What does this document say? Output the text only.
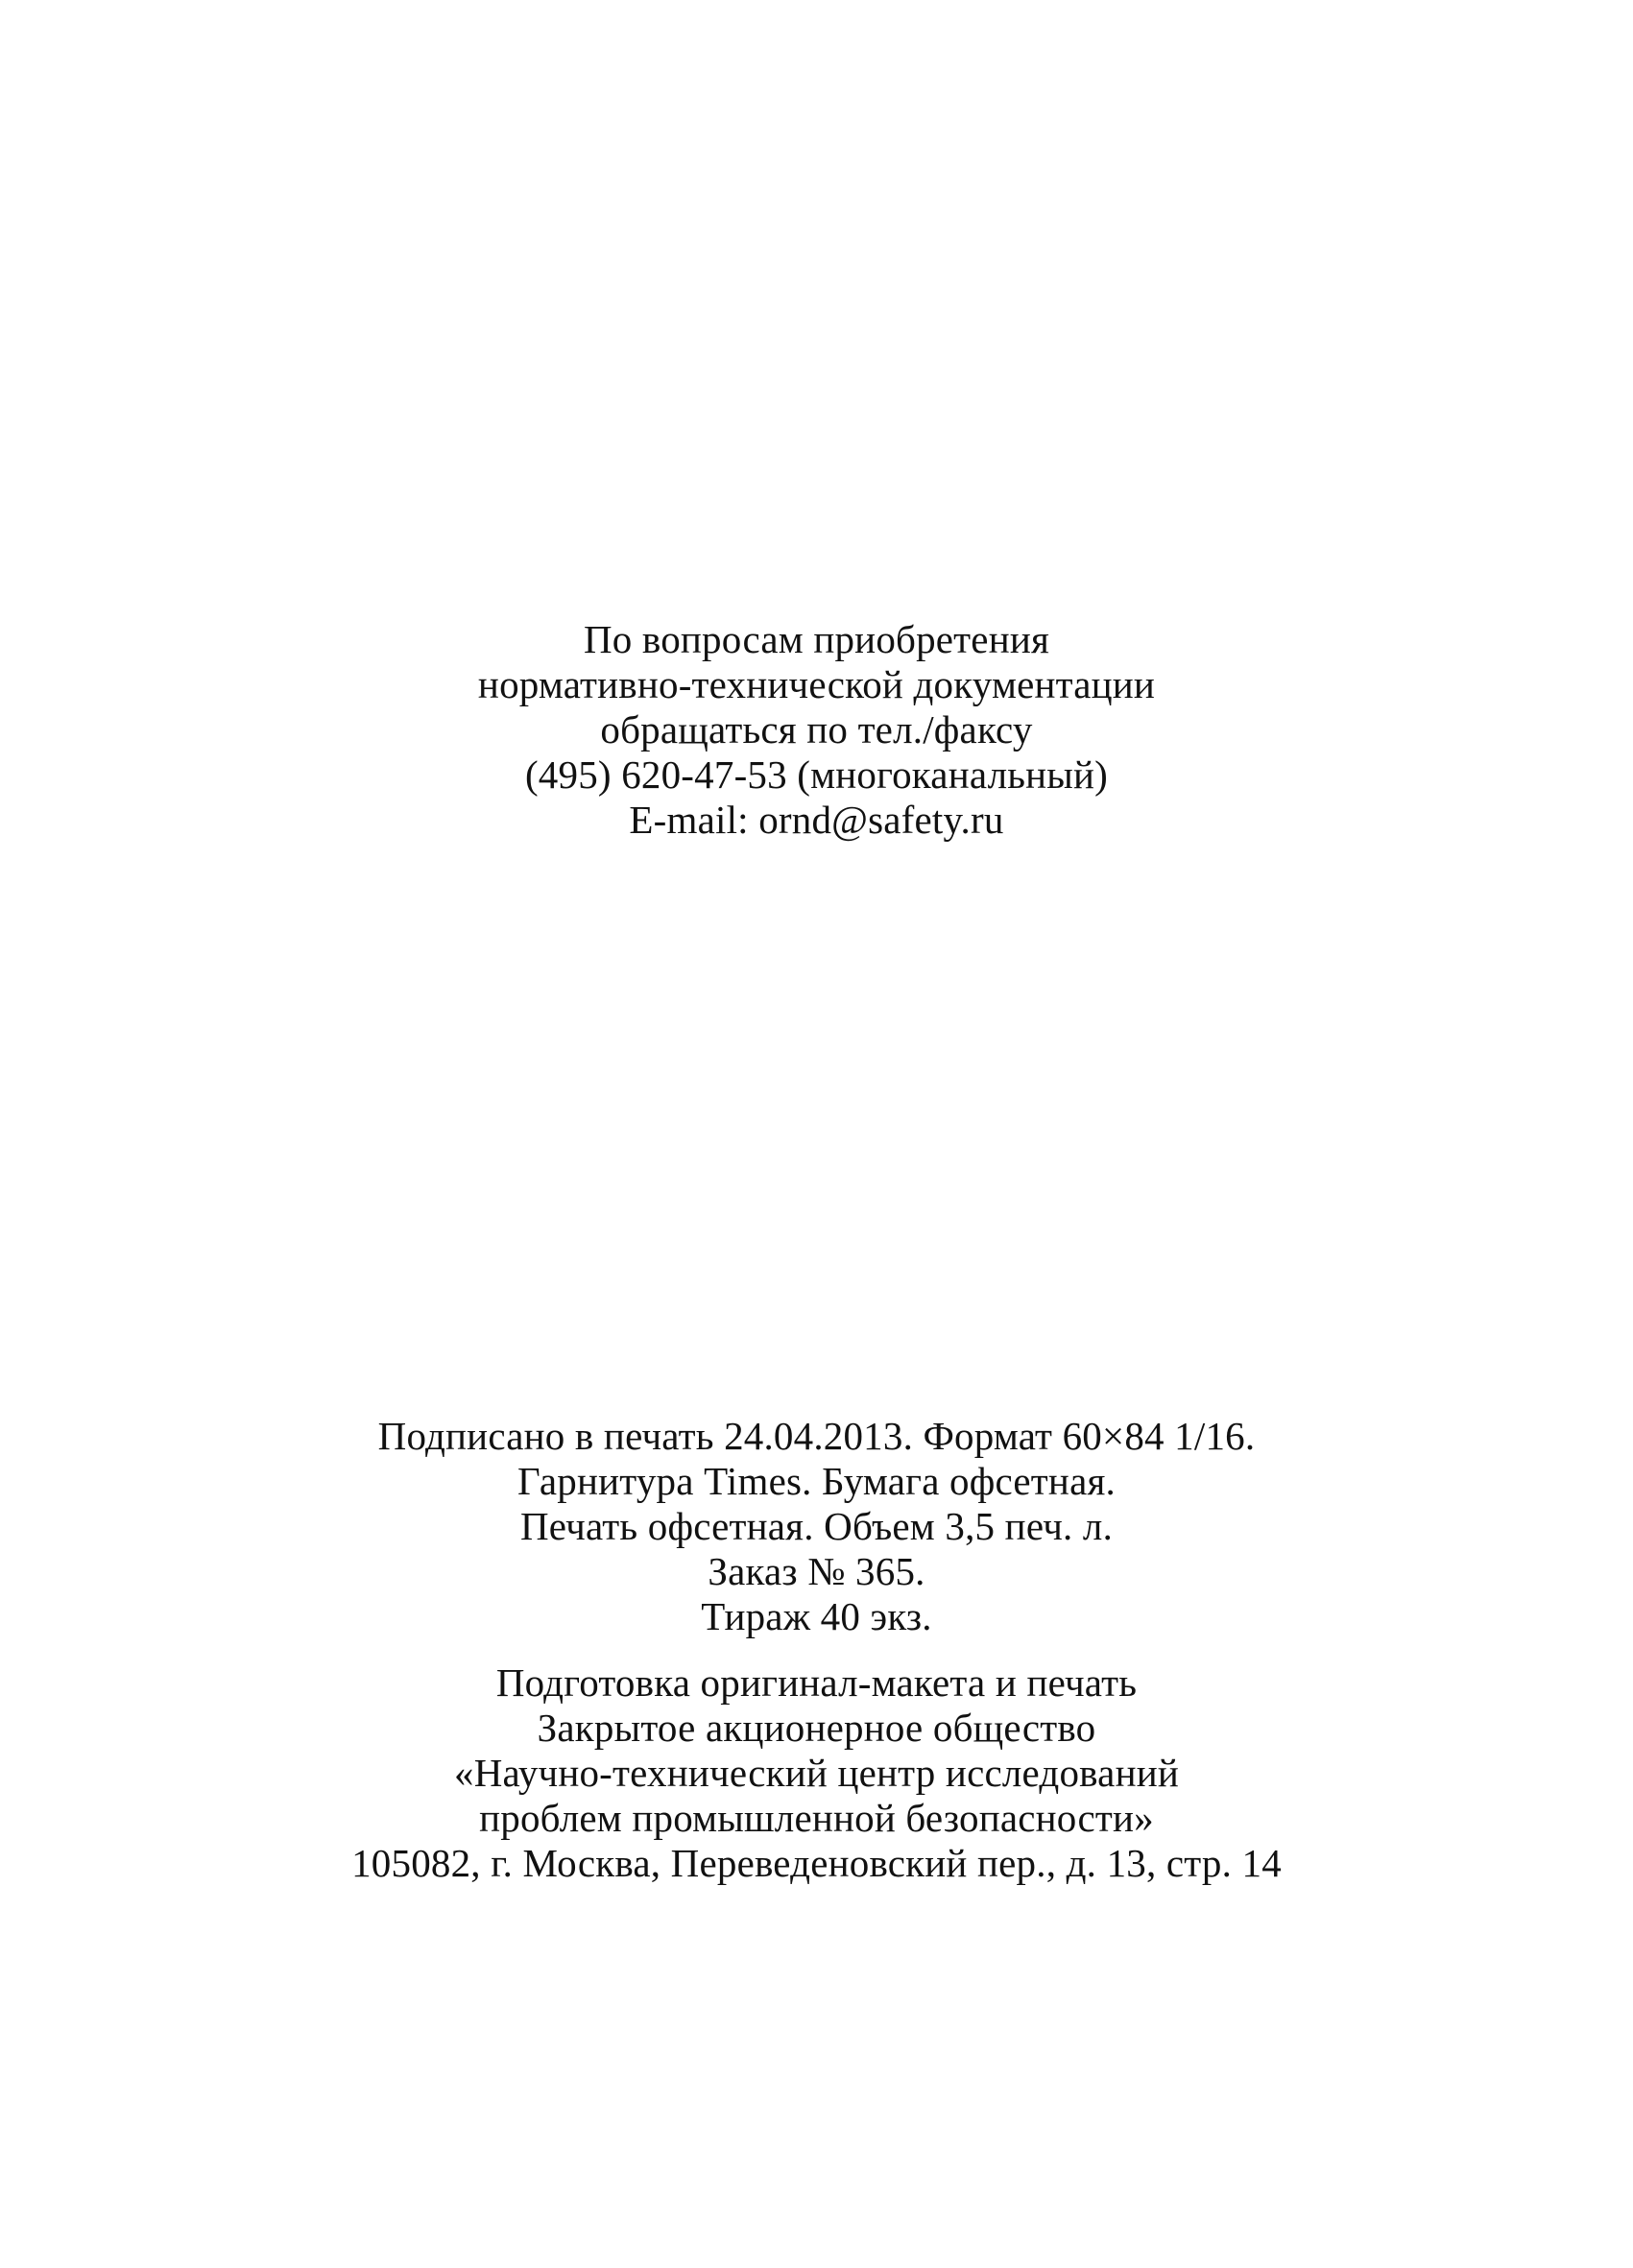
По вопросам приобретения
нормативно-технической документации
обращаться по тел./факсу
(495) 620-47-53 (многоканальный)
E-mail: ornd@safety.ru
Подписано в печать 24.04.2013. Формат 60×84 1/16.
Гарнитура Times. Бумага офсетная.
Печать офсетная. Объем 3,5 печ. л.
Заказ № 365.
Тираж 40 экз.
Подготовка оригинал-макета и печать
Закрытое акционерное общество
«Научно-технический центр исследований
проблем промышленной безопасности»
105082, г. Москва, Переведеновский пер., д. 13, стр. 14
